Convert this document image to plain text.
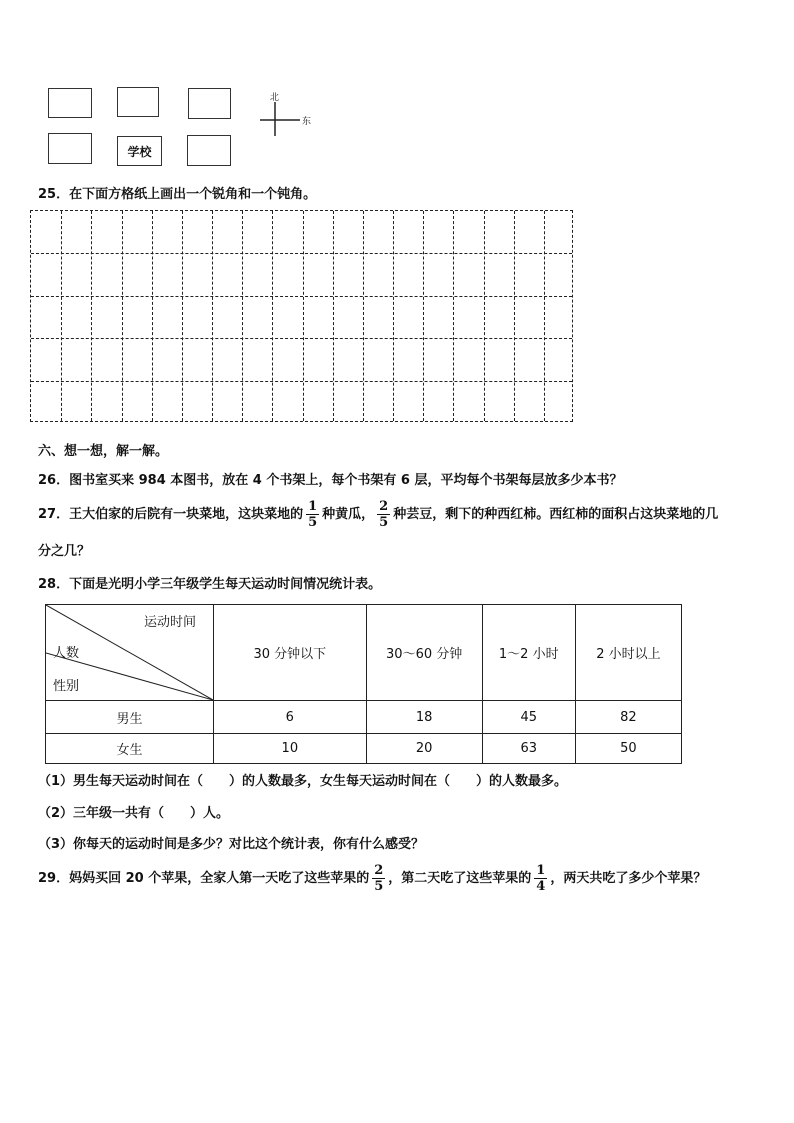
学校
北
东
25．在下面方格纸上画出一个锐角和一个钝角。
六、想一想，解一解。
26．图书室买来 984 本图书，放在 4 个书架上，每个书架有 6 层，平均每个书架每层放多少本书？
27．王大伯家的后院有一块菜地，这块菜地的 $\frac{1}{5}$ 种黄瓜， $\frac{2}{5}$ 种芸豆，剩下的种西红柿。西红柿的面积占这块菜地的几
分之几？
28．下面是光明小学三年级学生每天运动时间情况统计表。
运动时间
人数
性别	30 分钟以下	30～60 分钟	1～2 小时	2 小时以上
男生	6	18	45	82
女生	10	20	63	50
（1）男生每天运动时间在（　　）的人数最多，女生每天运动时间在（　　）的人数最多。
（2）三年级一共有（　　）人。
（3）你每天的运动时间是多少？对比这个统计表，你有什么感受？
29．妈妈买回 20 个苹果，全家人第一天吃了这些苹果的 $\frac{2}{5}$ ，第二天吃了这些苹果的 $\frac{1}{4}$ ，两天共吃了多少个苹果？
